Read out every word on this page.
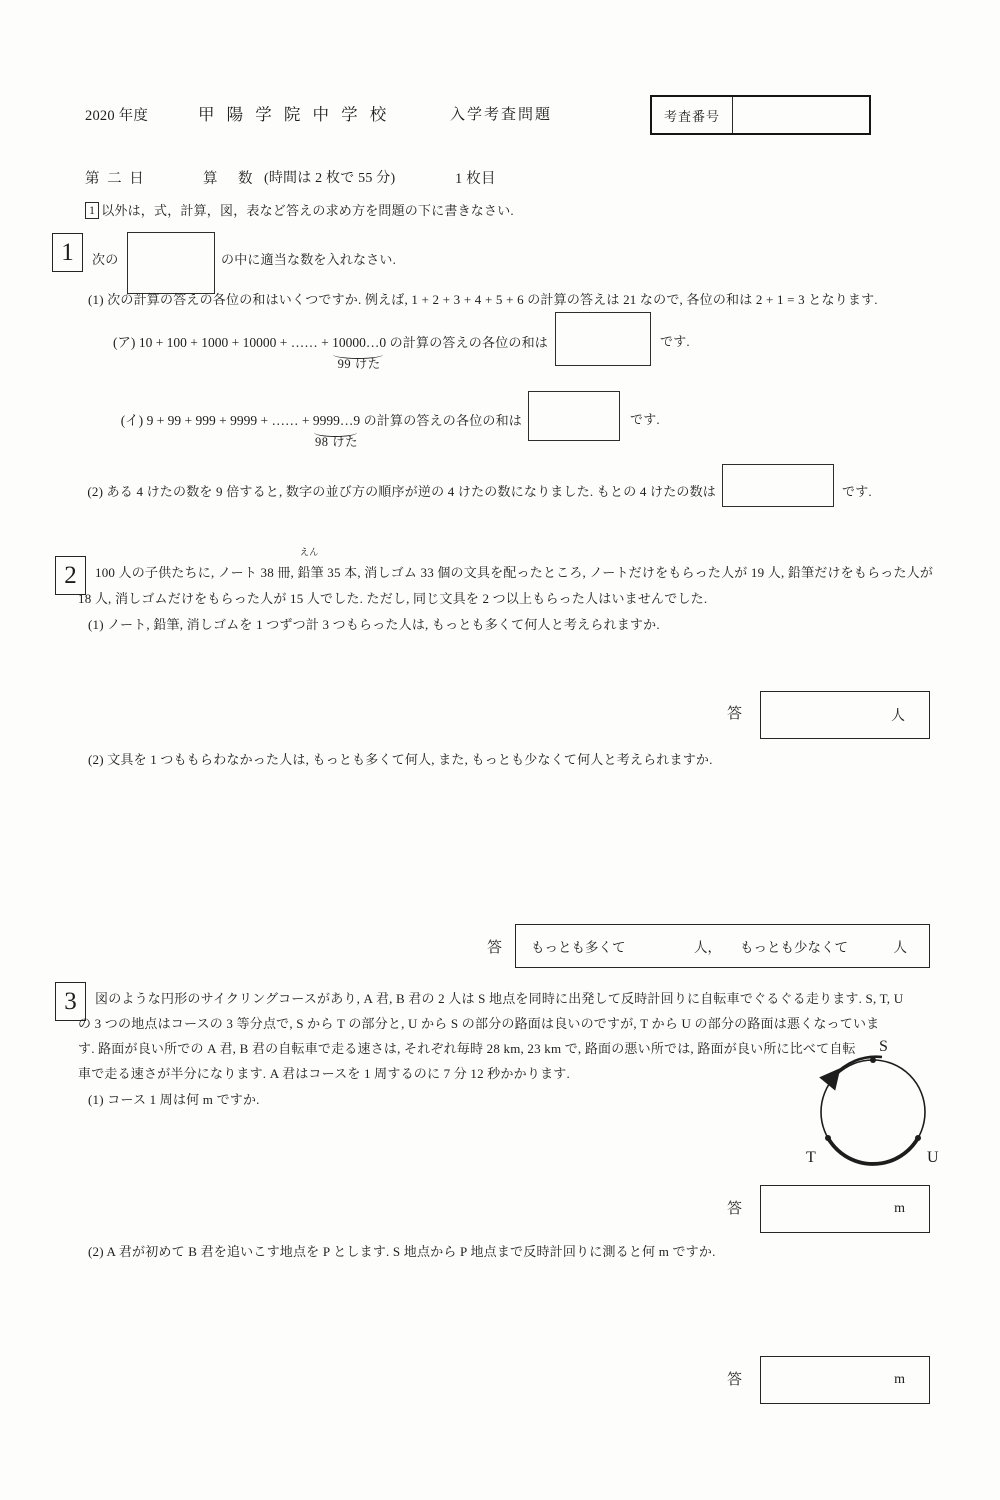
2020 年度	甲 陽 学 院 中 学 校	入学考査問題	考査番号
第 二 日	算　数 (時間は 2 枚で 55 分)	1 枚目
1 以外は，式，計算，図，表など答えの求め方を問題の下に書きなさい.
1	次の	の中に適当な数を入れなさい.
(1) 次の計算の答えの各位の和はいくつですか. 例えば, 1 + 2 + 3 + 4 + 5 + 6 の計算の答えは 21 なので, 各位の和は 2 + 1 = 3 となります.
(ア) 10 + 100 + 1000 + 10000 + …… + 10000…0
99 けた
の計算の答えの各位の和は	です.
(イ) 9 + 99 + 999 + 9999 + …… + 9999…9
98 けた
の計算の答えの各位の和は	です.
(2) ある 4 けたの数を 9 倍すると, 数字の並び方の順序が逆の 4 けたの数になりました. もとの 4 けたの数は	です.
2
えん
100 人の子供たちに, ノート 38 冊, 鉛筆 35 本, 消しゴム 33 個の文具を配ったところ, ノートだけをもらった人が 19 人, 鉛筆だけをもらった人が
18 人, 消しゴムだけをもらった人が 15 人でした. ただし, 同じ文具を 2 つ以上もらった人はいませんでした.
(1) ノート, 鉛筆, 消しゴムを 1 つずつ計 3 つもらった人は, もっとも多くて何人と考えられますか.
答	人
(2) 文具を 1 つももらわなかった人は, もっとも多くて何人, また, もっとも少なくて何人と考えられますか.
答 もっとも多くて	人， もっとも少なくて	人
3	図のような円形のサイクリングコースがあり, A 君, B 君の 2 人は S 地点を同時に出発して反時計回りに自転車でぐるぐる走ります. S, T, U
の 3 つの地点はコースの 3 等分点で, S から T の部分と, U から S の部分の路面は良いのですが, T から U の部分の路面は悪くなっていま
す. 路面が良い所での A 君, B 君の自転車で走る速さは, それぞれ毎時 28 km, 23 km で, 路面の悪い所では, 路面が良い所に比べて自転
車で走る速さが半分になります. A 君はコースを 1 周するのに 7 分 12 秒かかります.
(1) コース 1 周は何 m ですか.
S
T	U
答	m
(2) A 君が初めて B 君を追いこす地点を P とします. S 地点から P 地点まで反時計回りに測ると何 m ですか.
答	m
